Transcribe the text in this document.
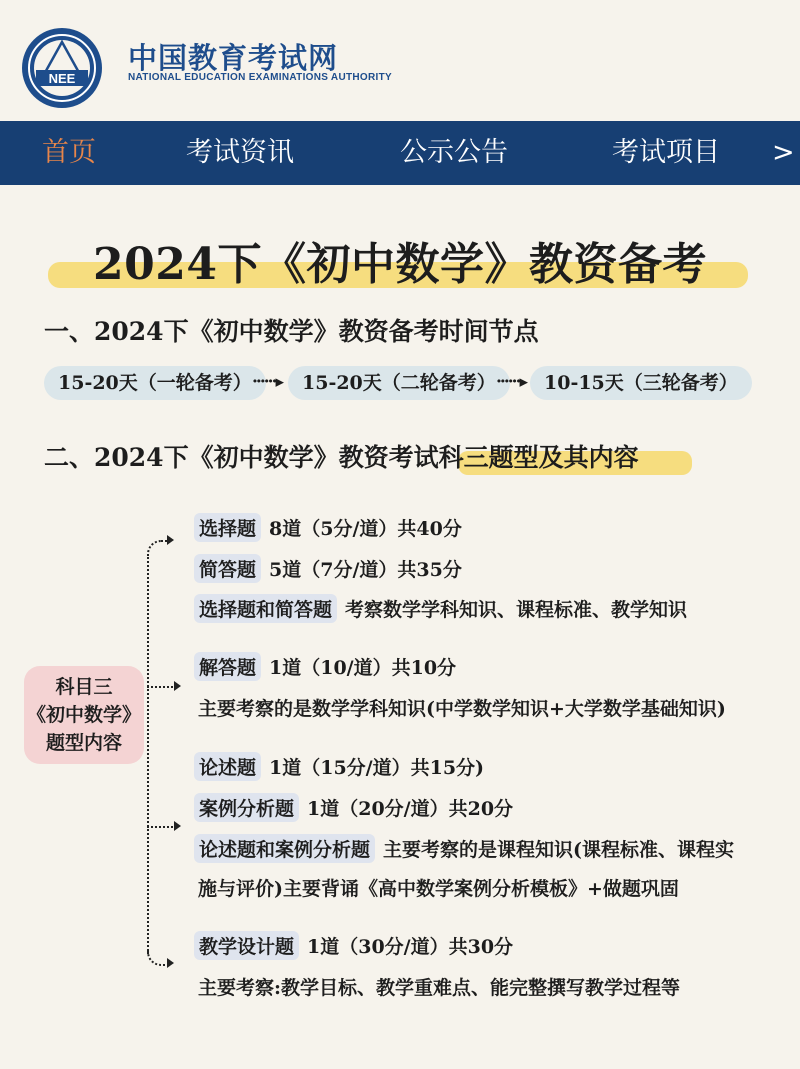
NEE
中国教育考试网
NATIONAL EDUCATION EXAMINATIONS AUTHORITY
首页	考试资讯	公示公告	考试项目 >
2024下《初中数学》教资备考
一、2024下《初中数学》教资备考时间节点
15-20天（一轮备考） ······▸	15-20天（二轮备考） ······▸ 10-15天（三轮备考）
二、2024下《初中数学》教资考试科三题型及其内容
科目三
《初中数学》
题型内容
选择题 8道（5分/道）共40分
简答题 5道（7分/道）共35分
选择题和简答题 考察数学学科知识、课程标准、教学知识
解答题 1道（10/道）共10分
主要考察的是数学学科知识(中学数学知识+大学数学基础知识)
论述题 1道（15分/道）共15分)
案例分析题 1道（20分/道）共20分
论述题和案例分析题 主要考察的是课程知识(课程标准、课程实
施与评价)主要背诵《高中数学案例分析模板》+做题巩固
教学设计题 1道（30分/道）共30分
主要考察:教学目标、教学重难点、能完整撰写教学过程等
